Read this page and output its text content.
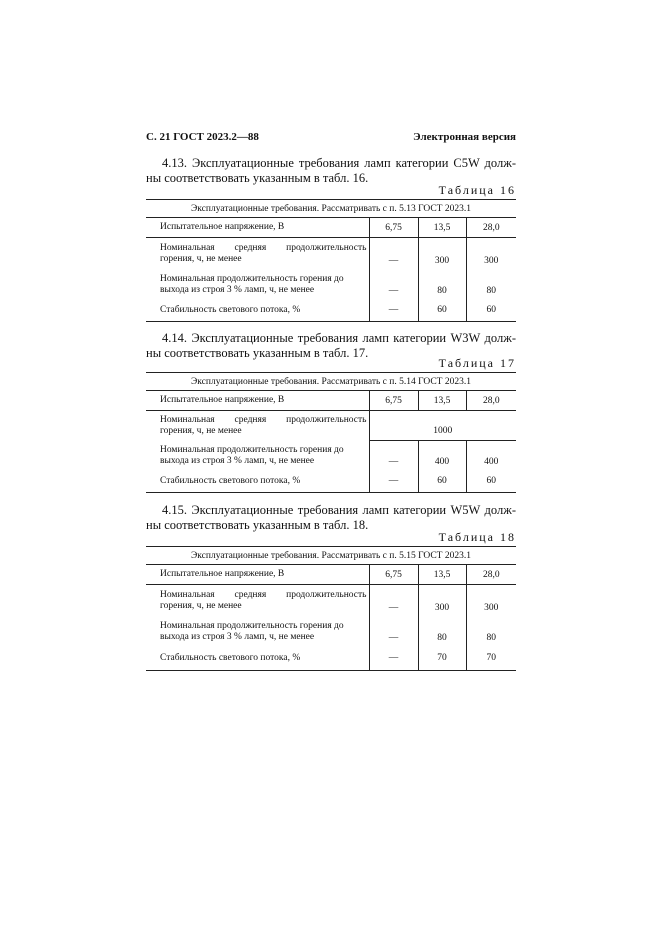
С. 21 ГОСТ 2023.2—88	Электронная версия
4.13. Эксплуатационные требования ламп категории C5W долж-
ны соответствовать указанным в табл. 16.
Таблица 16
Эксплуатационные требования. Рассматривать с п. 5.13 ГОСТ 2023.1			
Испытательное напряжение, В	6,75	13,5	28,0

Номинальная средняя продолжительность
горения, ч, не менее	—	300	300

Номинальная продолжительность горения до
выхода из строя 3 % ламп, ч, не менее	—	80	80
Стабильность светового потока, %	—	60	60
4.14. Эксплуатационные требования ламп категории W3W долж-
ны соответствовать указанным в табл. 17.
Таблица 17
Эксплуатационные требования. Рассматривать с п. 5.14 ГОСТ 2023.1			
Испытательное напряжение, В	6,75	13,5	28,0

Номинальная средняя продолжительность
горения, ч, не менее	1000		

Номинальная продолжительность горения до
выхода из строя 3 % ламп, ч, не менее	—	400	400
Стабильность светового потока, %	—	60	60
4.15. Эксплуатационные требования ламп категории W5W долж-
ны соответствовать указанным в табл. 18.
Таблица 18
Эксплуатационные требования. Рассматривать с п. 5.15 ГОСТ 2023.1			
Испытательное напряжение, В	6,75	13,5	28,0

Номинальная средняя продолжительность
горения, ч, не менее	—	300	300

Номинальная продолжительность горения до
выхода из строя 3 % ламп, ч, не менее	—	80	80
Стабильность светового потока, %	—	70	70
